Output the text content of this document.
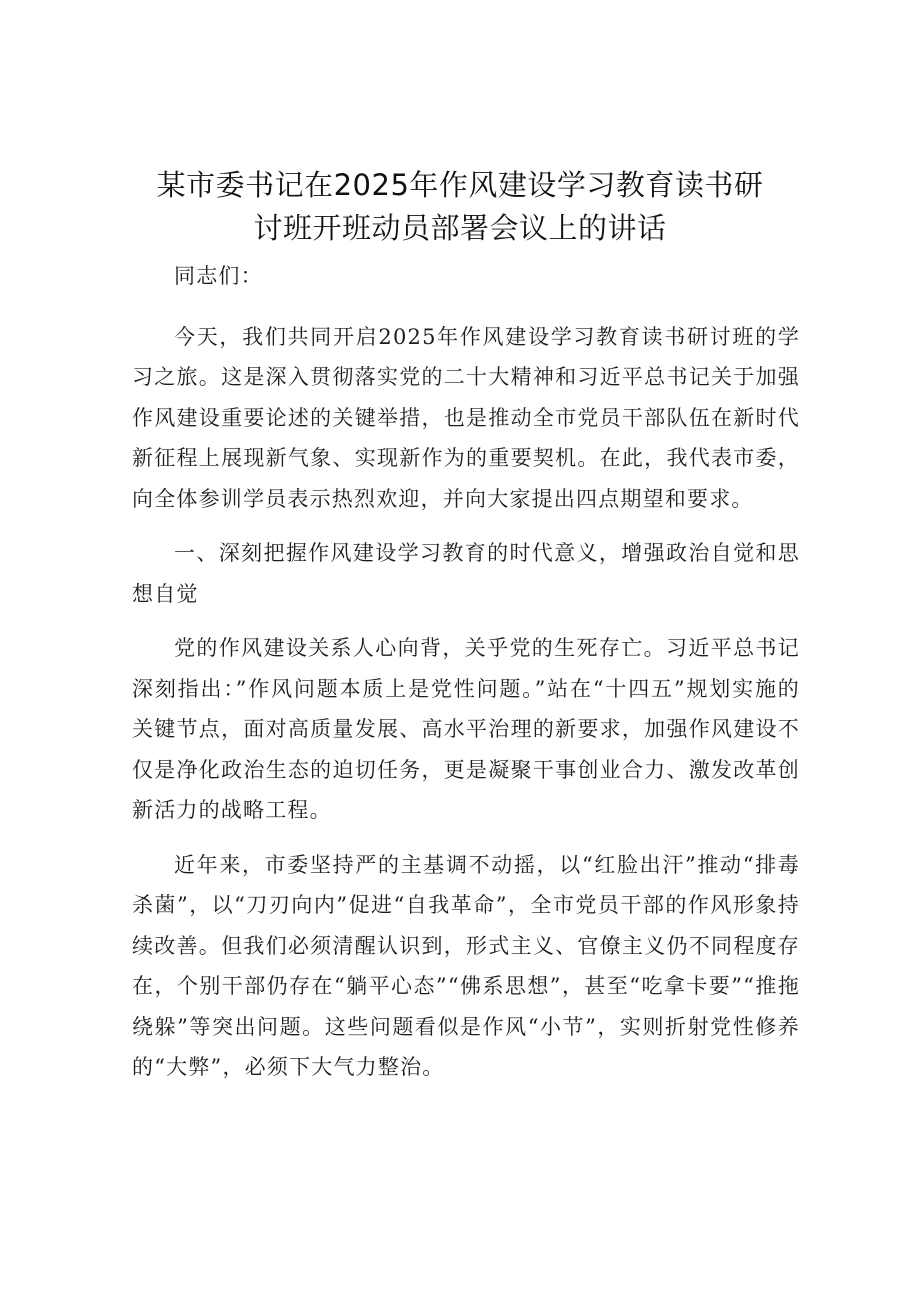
某市委书记在2025年作风建设学习教育读书研
讨班开班动员部署会议上的讲话

同志们：

今天，我们共同开启2025年作风建设学习教育读书研讨班的学习之旅。这是深入贯彻落实党的二十大精神和习近平总书记关于加强作风建设重要论述的关键举措，也是推动全市党员干部队伍在新时代新征程上展现新气象、实现新作为的重要契机。在此，我代表市委，向全体参训学员表示热烈欢迎，并向大家提出四点期望和要求。

一、深刻把握作风建设学习教育的时代意义，增强政治自觉和思想自觉

党的作风建设关系人心向背，关乎党的生死存亡。习近平总书记深刻指出：”作风问题本质上是党性问题。”站在“十四五”规划实施的关键节点，面对高质量发展、高水平治理的新要求，加强作风建设不仅是净化政治生态的迫切任务，更是凝聚干事创业合力、激发改革创新活力的战略工程。

近年来，市委坚持严的主基调不动摇，以“红脸出汗”推动“排毒杀菌”，以“刀刃向内”促进“自我革命”，全市党员干部的作风形象持续改善。但我们必须清醒认识到，形式主义、官僚主义仍不同程度存在，个别干部仍存在“躺平心态”“佛系思想”，甚至“吃拿卡要”“推拖绕躲”等突出问题。这些问题看似是作风“小节”，实则折射党性修养的“大弊”，必须下大气力整治。
